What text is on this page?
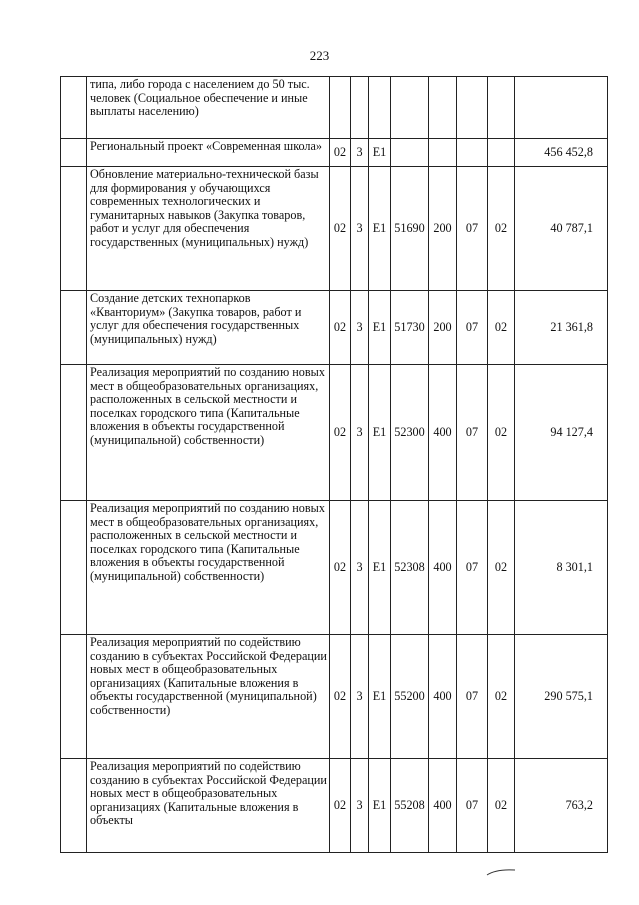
223
	типа, либо города с населением до 50 тыс. человек (Социальное обеспечение и иные выплаты населению)								
	Региональный проект «Современная школа»	02	3	E1					456 452,8
	Обновление материально-технической базы для формирования у обучающихся современных технологических и гуманитарных навыков (Закупка товаров, работ и услуг для обеспечения государственных (муниципальных) нужд)	02	3	E1	51690	200	07	02	40 787,1
	Создание детских технопарков «Кванториум» (Закупка товаров, работ и услуг для обеспечения государственных (муниципальных) нужд)	02	3	E1	51730	200	07	02	21 361,8
	Реализация мероприятий по созданию новых мест в общеобразовательных организациях, расположенных в сельской местности и поселках городского типа (Капитальные вложения в объекты государственной (муниципальной) собственности)	02	3	E1	52300	400	07	02	94 127,4
	Реализация мероприятий по созданию новых мест в общеобразовательных организациях, расположенных в сельской местности и поселках городского типа (Капитальные вложения в объекты государственной (муниципальной) собственности)	02	3	E1	52308	400	07	02	8 301,1
	Реализация мероприятий по содействию созданию в субъектах Российской Федерации новых мест в общеобразовательных организациях (Капитальные вложения в объекты государственной (муниципальной) собственности)	02	3	E1	55200	400	07	02	290 575,1
	Реализация мероприятий по содействию созданию в субъектах Российской Федерации новых мест в общеобразовательных организациях (Капитальные вложения в объекты	02	3	E1	55208	400	07	02	763,2
